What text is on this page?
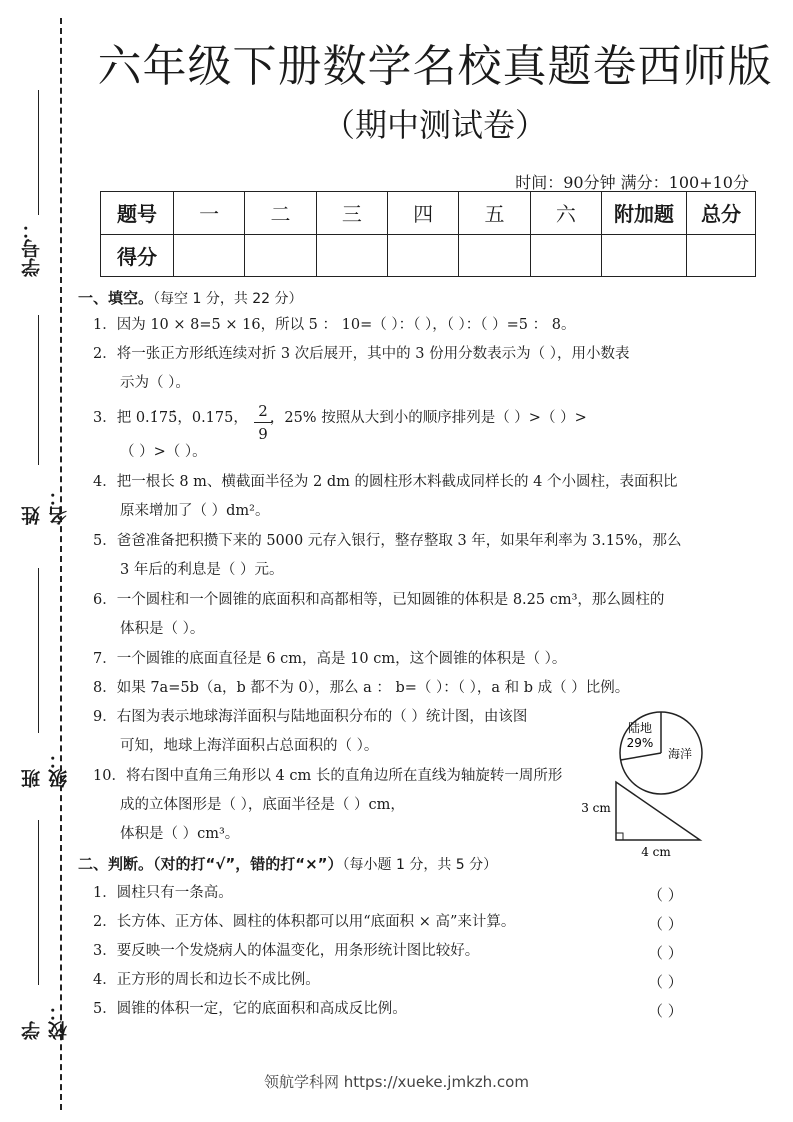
学号：
姓名：
班级：
学校：
六年级下册数学名校真题卷西师版
（期中测试卷）
时间：90分钟 满分：100+10分
题号	一	二	三	四	五	六	附加题	总分
得分								
一、填空。（每空 1 分，共 22 分）
1．因为 10 × 8=5 × 16，所以 5 ： 10=（ ）：（ ），（ ）：（ ）=5 ： 8。
2．将一张正方形纸连续对折 3 次后展开，其中的 3 份用分数表示为（ ），用小数表
示为（ ）。
3．把 0.1̇75̇，0.175， ，25% 按照从大到小的顺序排列是（ ）>（ ）>
2
9
（ ）>（ ）。
4．把一根长 8 m、横截面半径为 2 dm 的圆柱形木料截成同样长的 4 个小圆柱，表面积比
原来增加了（ ）dm²。
5．爸爸准备把积攒下来的 5000 元存入银行，整存整取 3 年，如果年利率为 3.15%，那么
3 年后的利息是（ ）元。
6．一个圆柱和一个圆锥的底面积和高都相等，已知圆锥的体积是 8.25 cm³，那么圆柱的
体积是（ ）。
7．一个圆锥的底面直径是 6 cm，高是 10 cm，这个圆锥的体积是（ ）。
8．如果 7a=5b（a，b 都不为 0），那么 a ： b=（ ）：（ ），a 和 b 成（ ）比例。
9．右图为表示地球海洋面积与陆地面积分布的（ ）统计图，由该图
可知，地球上海洋面积占总面积的（ ）。
10．将右图中直角三角形以 4 cm 长的直角边所在直线为轴旋转一周所形
成的立体图形是（ ），底面半径是（ ）cm，
体积是（ ）cm³。
陆地
29%
海洋
3 cm
4 cm
二、判断。（对的打“√”，错的打“×”）（每小题 1 分，共 5 分）
1．圆柱只有一条高。	（ ）
2．长方体、正方体、圆柱的体积都可以用“底面积 × 高”来计算。	（ ）
3．要反映一个发烧病人的体温变化，用条形统计图比较好。	（ ）
4．正方形的周长和边长不成比例。	（ ）
5．圆锥的体积一定，它的底面积和高成反比例。	（ ）
领航学科网 https://xueke.jmkzh.com
